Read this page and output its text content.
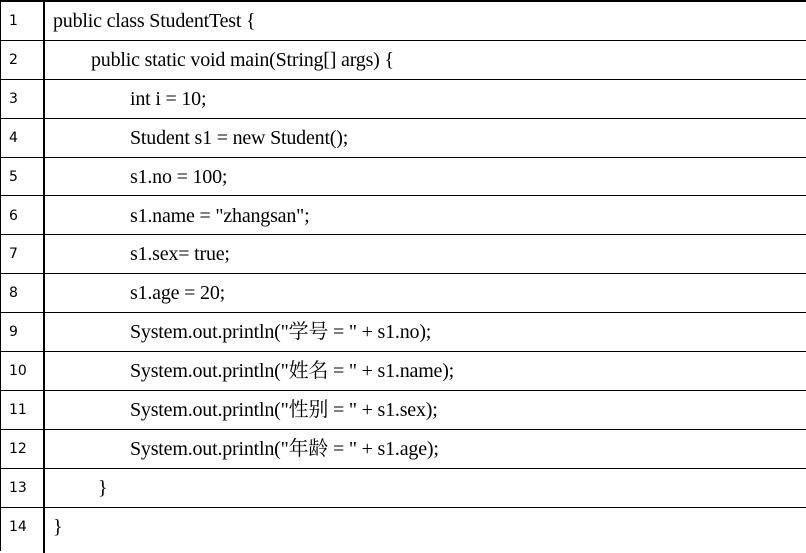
1	public class StudentTest {
2	public static void main(String[] args) {
3	int i = 10;
4	Student s1 = new Student();
5	s1.no = 100;
6	s1.name = "zhangsan";
7	s1.sex= true;
8	s1.age = 20;
9	System.out.println("学号 = " + s1.no);
10	System.out.println("姓名 = " + s1.name);
11	System.out.println("性别 = " + s1.sex);
12	System.out.println("年龄 = " + s1.age);
13	}
14	}
